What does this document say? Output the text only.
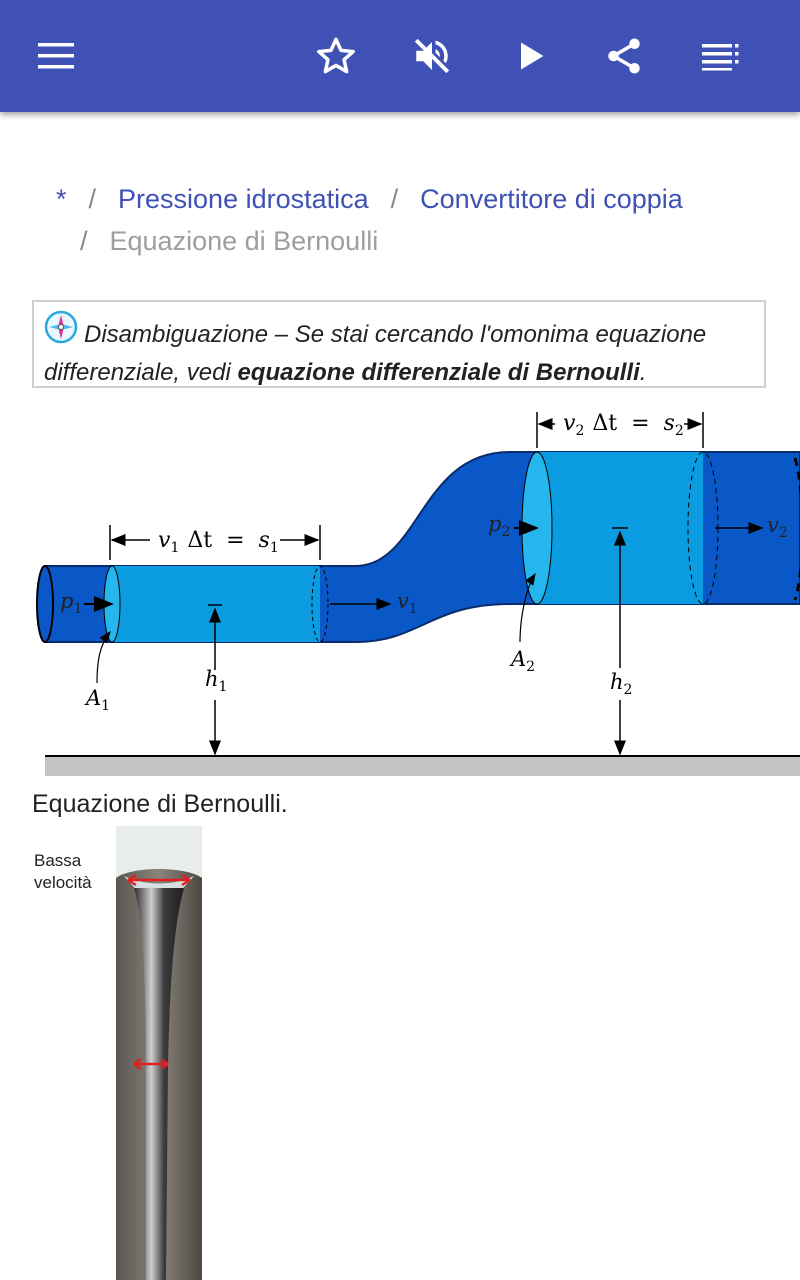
* / Pressione idrostatica / Convertitore di coppia
/ Equazione di Bernoulli
Disambiguazione – Se stai cercando l'omonima equazione differenziale, vedi equazione differenziale di Bernoulli.
$v_1$ $\Delta t = s_1$
$v_2$ $\Delta t = s_2$
$p_1$
$p_2$
$v_1$
$v_2$
$A_1$
$A_2$
$h_1$	$h_2$
Equazione di Bernoulli.
Bassa
velocità
